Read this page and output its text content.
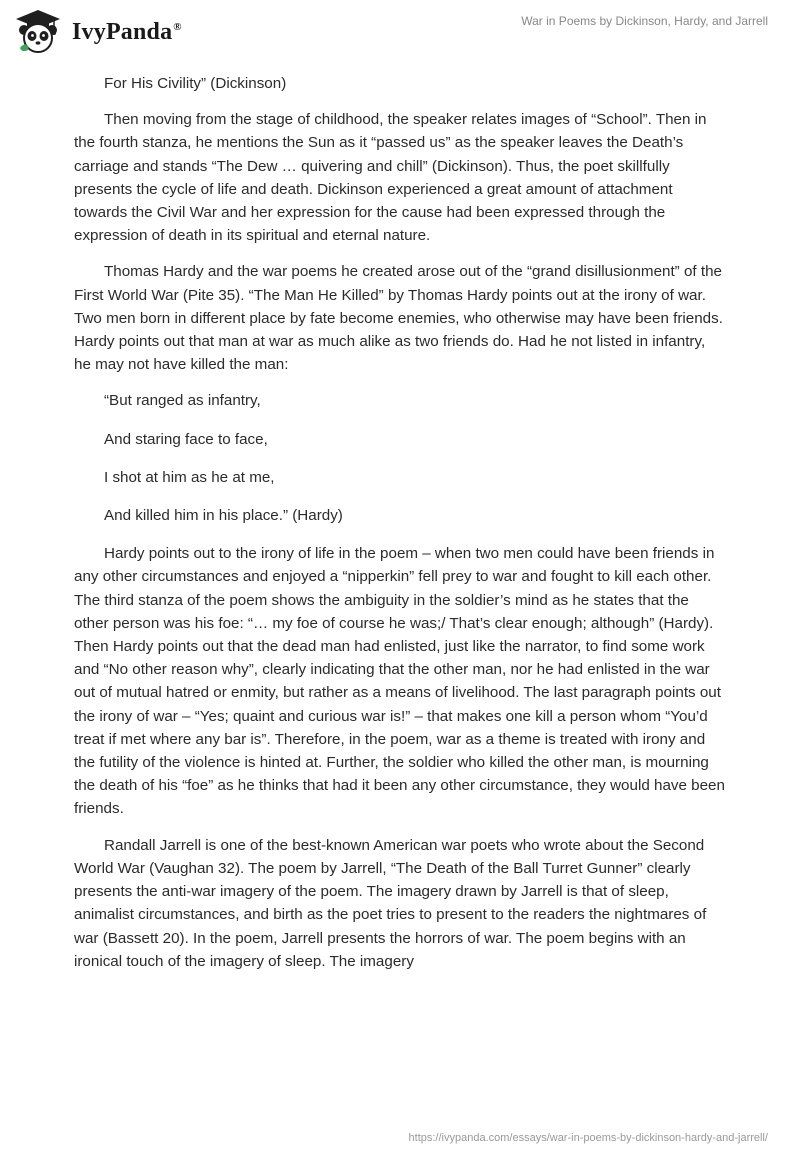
IvyPanda®	War in Poems by Dickinson, Hardy, and Jarrell

For His Civility” (Dickinson)

Then moving from the stage of childhood, the speaker relates images of “School”. Then in the fourth stanza, he mentions the Sun as it “passed us” as the speaker leaves the Death’s carriage and stands “The Dew … quivering and chill” (Dickinson). Thus, the poet skillfully presents the cycle of life and death. Dickinson experienced a great amount of attachment towards the Civil War and her expression for the cause had been expressed through the expression of death in its spiritual and eternal nature.

Thomas Hardy and the war poems he created arose out of the “grand disillusionment” of the First World War (Pite 35). “The Man He Killed” by Thomas Hardy points out at the irony of war. Two men born in different place by fate become enemies, who otherwise may have been friends. Hardy points out that man at war as much alike as two friends do. Had he not listed in infantry, he may not have killed the man:

“But ranged as infantry,

And staring face to face,

I shot at him as he at me,

And killed him in his place.” (Hardy)

Hardy points out to the irony of life in the poem – when two men could have been friends in any other circumstances and enjoyed a “nipperkin” fell prey to war and fought to kill each other. The third stanza of the poem shows the ambiguity in the soldier’s mind as he states that the other person was his foe: “… my foe of course he was;/ That’s clear enough; although” (Hardy). Then Hardy points out that the dead man had enlisted, just like the narrator, to find some work and “No other reason why”, clearly indicating that the other man, nor he had enlisted in the war out of mutual hatred or enmity, but rather as a means of livelihood. The last paragraph points out the irony of war – “Yes; quaint and curious war is!” – that makes one kill a person whom “You’d treat if met where any bar is”. Therefore, in the poem, war as a theme is treated with irony and the futility of the violence is hinted at. Further, the soldier who killed the other man, is mourning the death of his “foe” as he thinks that had it been any other circumstance, they would have been friends.

Randall Jarrell is one of the best-known American war poets who wrote about the Second World War (Vaughan 32). The poem by Jarrell, “The Death of the Ball Turret Gunner” clearly presents the anti-war imagery of the poem. The imagery drawn by Jarrell is that of sleep, animalist circumstances, and birth as the poet tries to present to the readers the nightmares of war (Bassett 20). In the poem, Jarrell presents the horrors of war. The poem begins with an ironical touch of the imagery of sleep. The imagery

https://ivypanda.com/essays/war-in-poems-by-dickinson-hardy-and-jarrell/
